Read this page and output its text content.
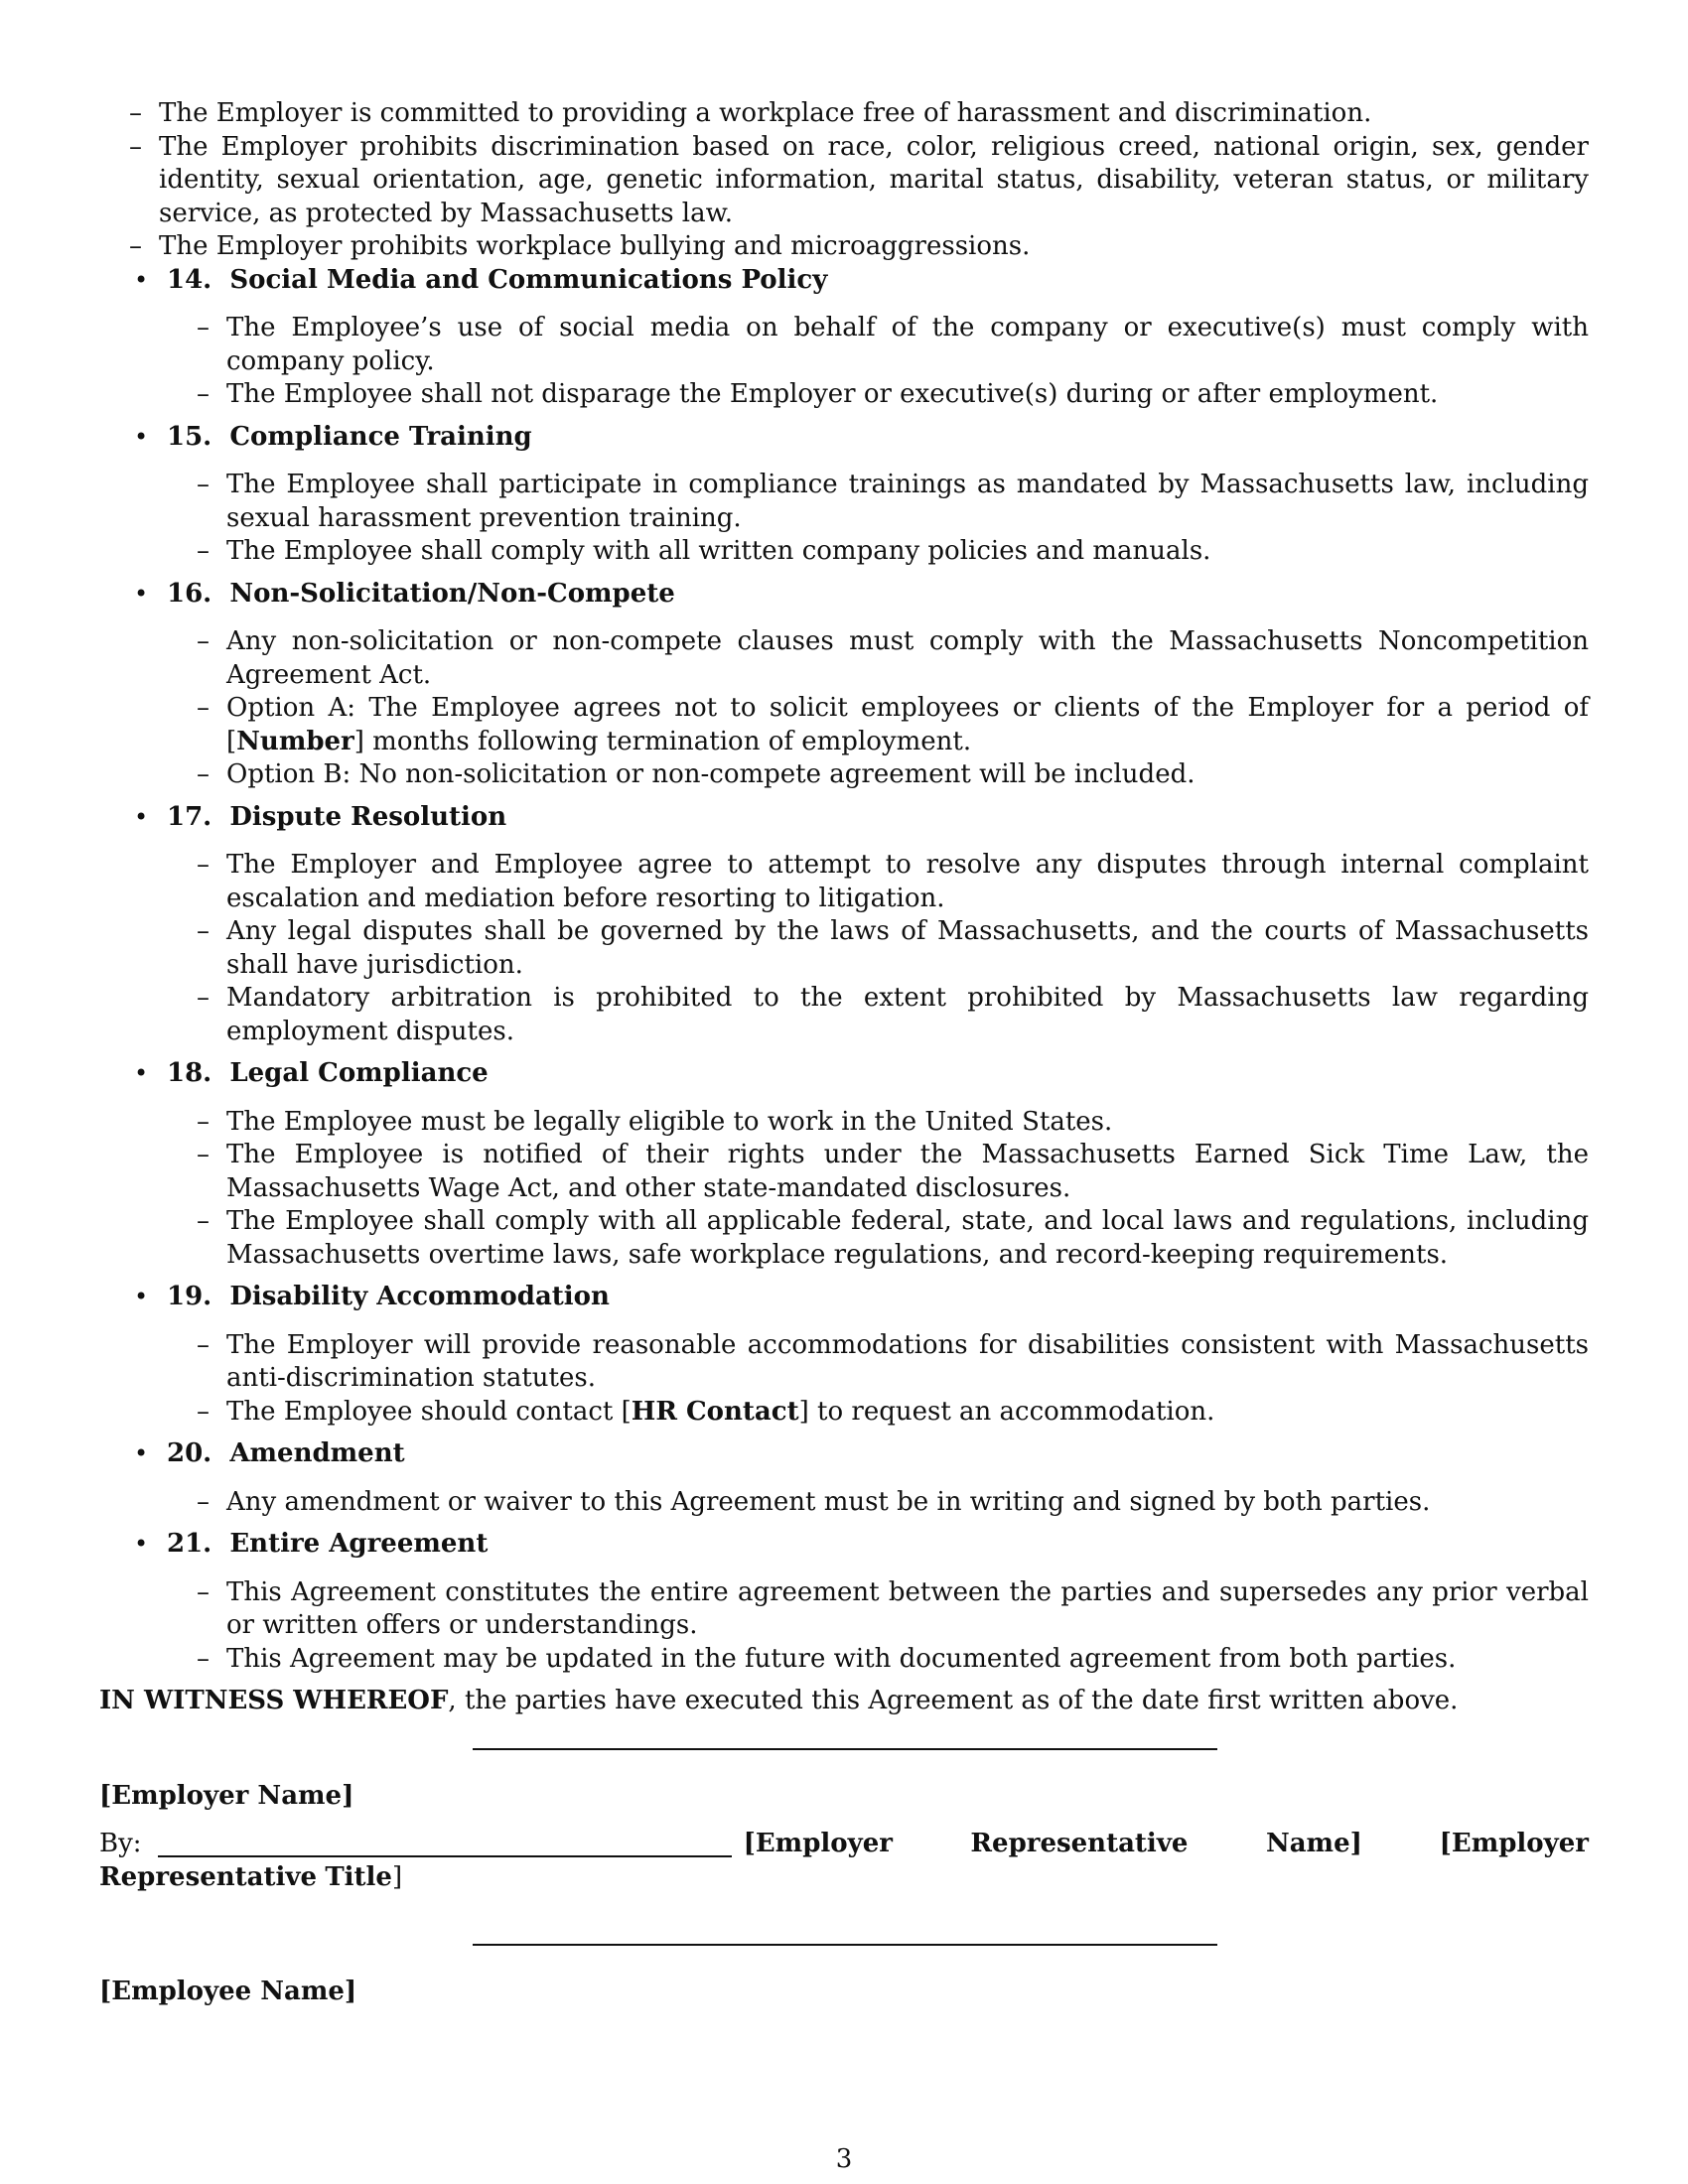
– The Employer is committed to providing a workplace free of harassment and discrimination.
– The Employer prohibits discrimination based on race, color, religious creed, national origin, sex, gender identity, sexual orientation, age, genetic information, marital status, disability, veteran status, or military service, as protected by Massachusetts law.
– The Employer prohibits workplace bullying and microaggressions.
• 14. Social Media and Communications Policy
– The Employee’s use of social media on behalf of the company or executive(s) must comply with company policy.
– The Employee shall not disparage the Employer or executive(s) during or after employment.
• 15. Compliance Training
– The Employee shall participate in compliance trainings as mandated by Massachusetts law, including sexual harassment prevention training.
– The Employee shall comply with all written company policies and manuals.
• 16. Non-Solicitation/Non-Compete
– Any non-solicitation or non-compete clauses must comply with the Massachusetts Noncompetition Agreement Act.
– Option A: The Employee agrees not to solicit employees or clients of the Employer for a period of [Number] months following termination of employment.
– Option B: No non-solicitation or non-compete agreement will be included.
• 17. Dispute Resolution
– The Employer and Employee agree to attempt to resolve any disputes through internal complaint escalation and mediation before resorting to litigation.
– Any legal disputes shall be governed by the laws of Massachusetts, and the courts of Massachusetts shall have jurisdiction.
– Mandatory arbitration is prohibited to the extent prohibited by Massachusetts law regarding employment disputes.
• 18. Legal Compliance
– The Employee must be legally eligible to work in the United States.
– The Employee is notified of their rights under the Massachusetts Earned Sick Time Law, the Massachusetts Wage Act, and other state-mandated disclosures.
– The Employee shall comply with all applicable federal, state, and local laws and regulations, including Massachusetts overtime laws, safe workplace regulations, and record-keeping requirements.
• 19. Disability Accommodation
– The Employer will provide reasonable accommodations for disabilities consistent with Massachusetts anti-discrimination statutes.
– The Employee should contact [HR Contact] to request an accommodation.
• 20. Amendment
– Any amendment or waiver to this Agreement must be in writing and signed by both parties.
• 21. Entire Agreement
– This Agreement constitutes the entire agreement between the parties and supersedes any prior verbal or written offers or understandings.
– This Agreement may be updated in the future with documented agreement from both parties.
IN WITNESS WHEREOF, the parties have executed this Agreement as of the date first written above.
[Employer Name]
By:	[Employer Representative Name]	[Employer Representative Title]
[Employee Name]
3
